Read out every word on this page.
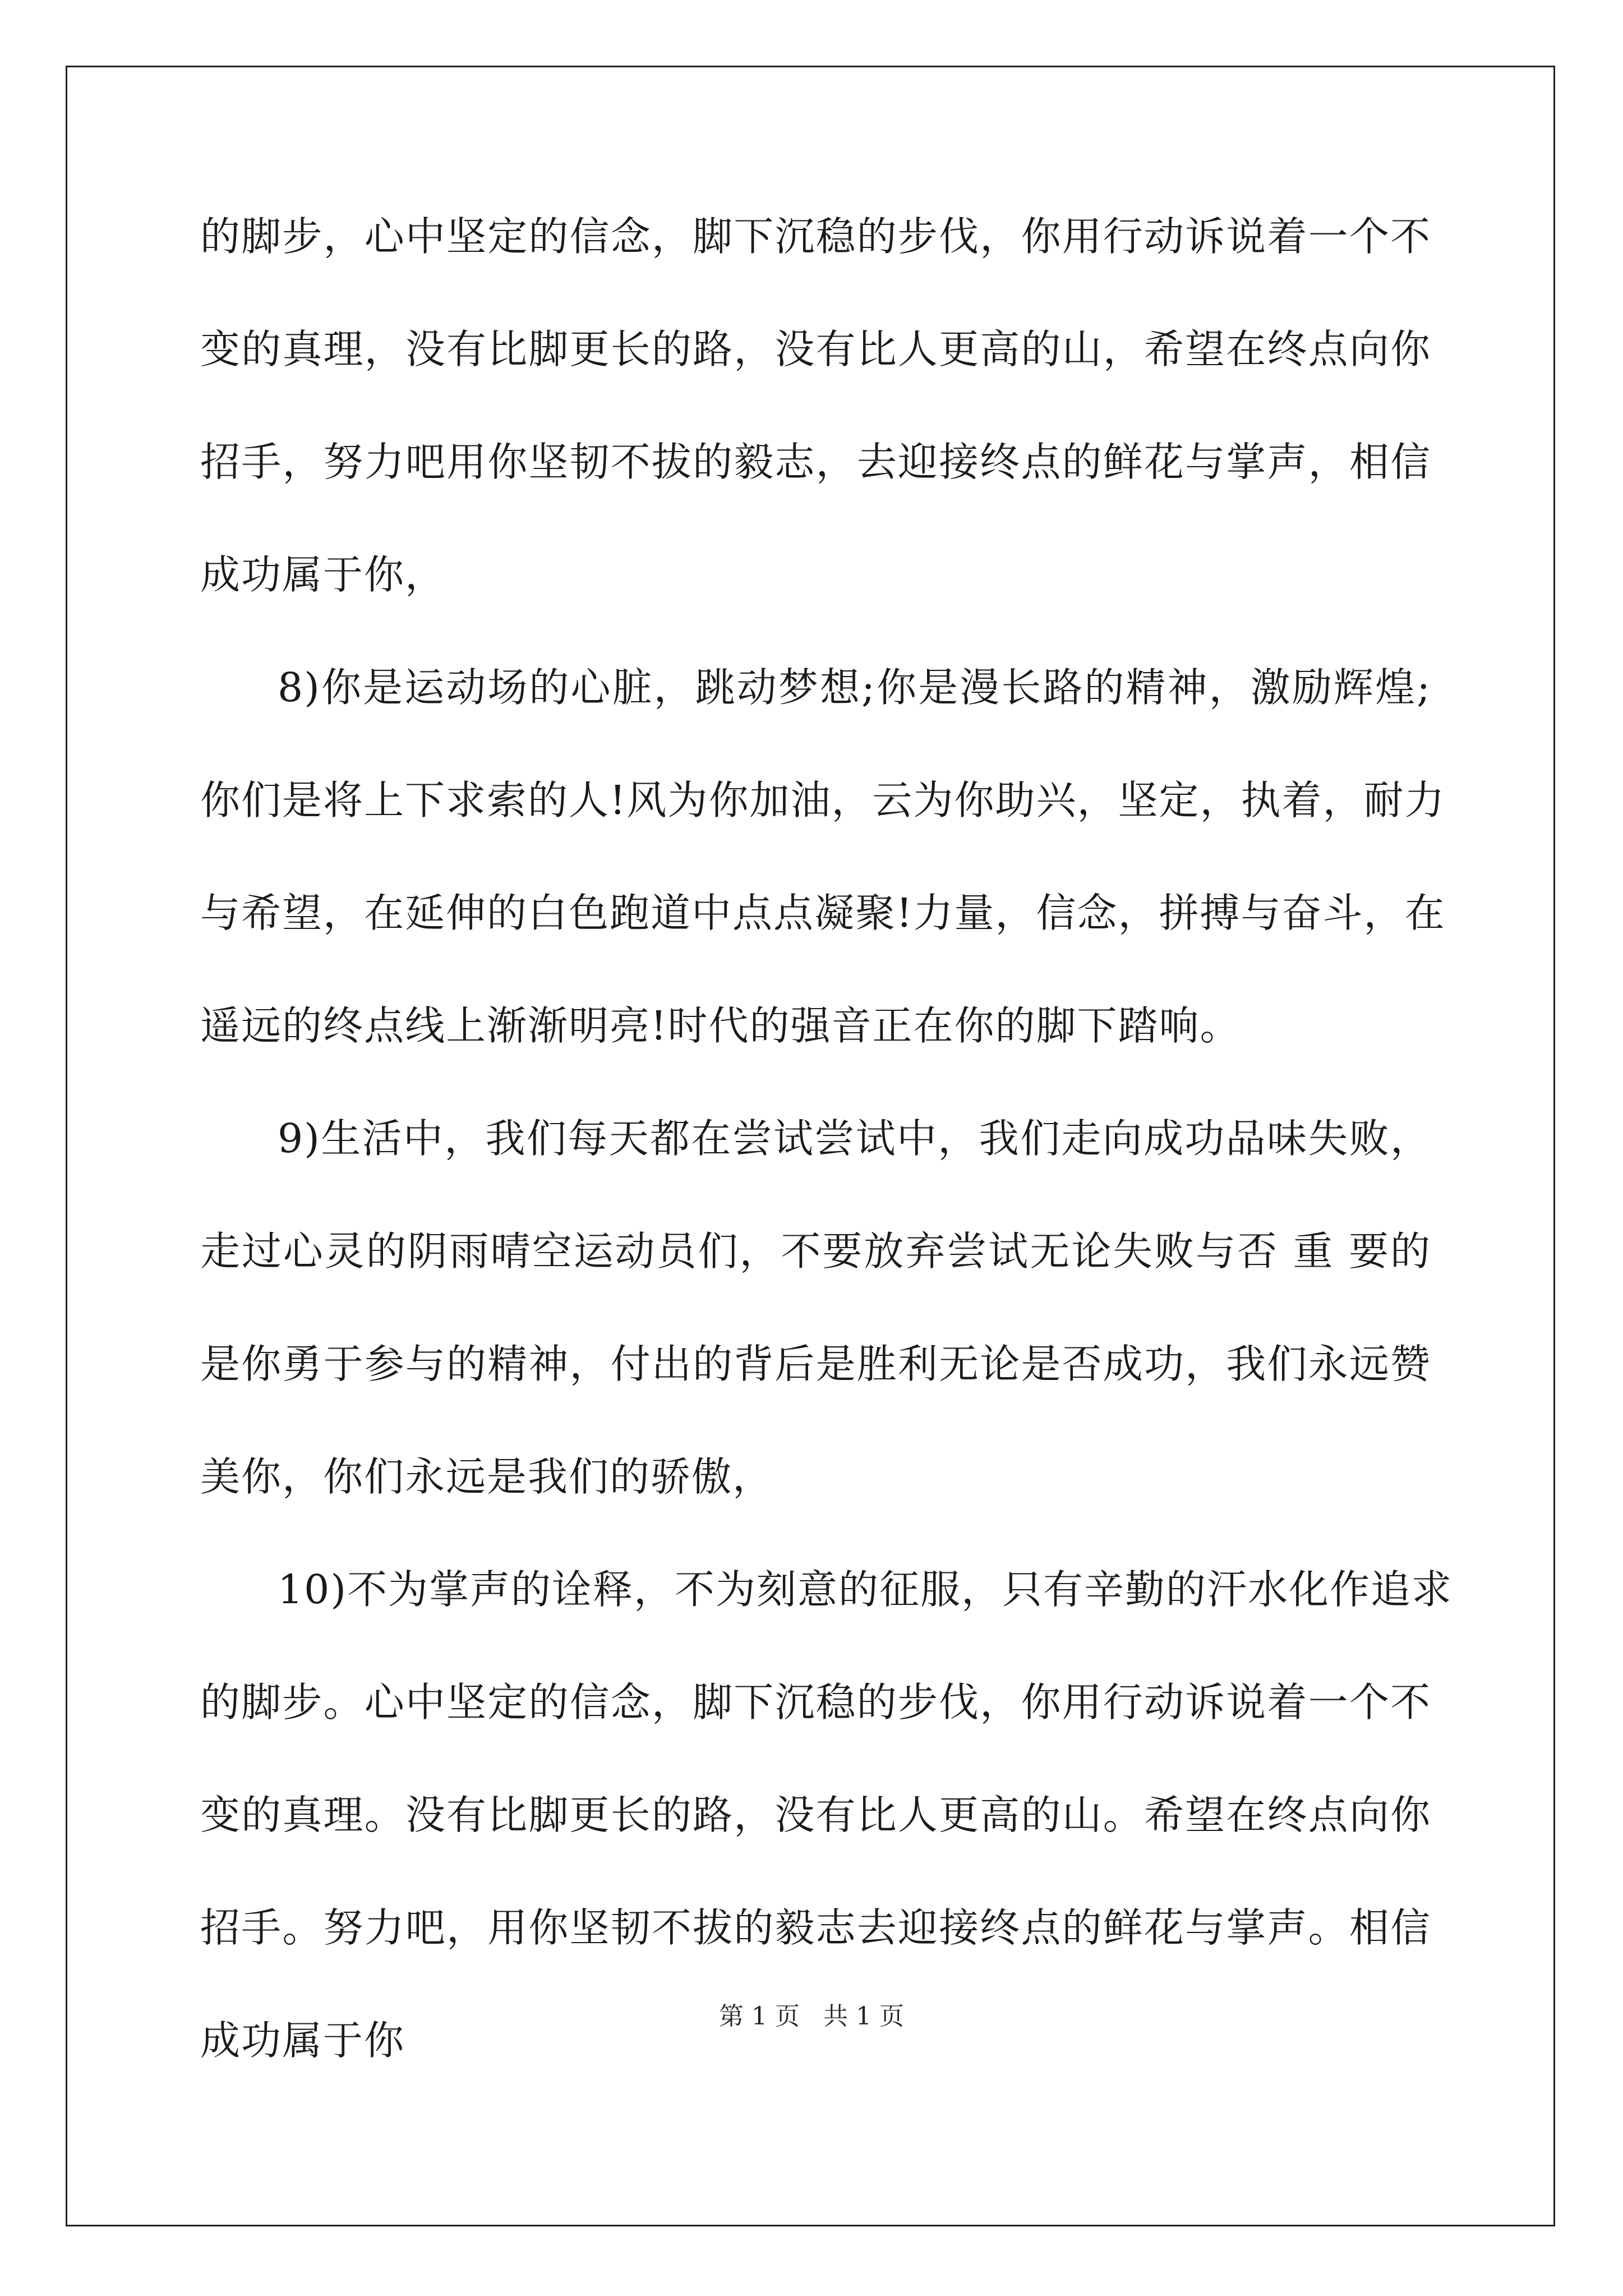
的脚步，心中坚定的信念，脚下沉稳的步伐，你用行动诉说着一个不
变的真理，没有比脚更长的路，没有比人更高的山，希望在终点向你
招手，努力吧用你坚韧不拔的毅志，去迎接终点的鲜花与掌声，相信
成功属于你，
8)你是运动场的心脏，跳动梦想;你是漫长路的精神，激励辉煌;
你们是将上下求索的人!风为你加油，云为你助兴，坚定，执着，耐力
与希望，在延伸的白色跑道中点点凝聚!力量，信念，拼搏与奋斗，在
遥远的终点线上渐渐明亮!时代的强音正在你的脚下踏响。
9)生活中，我们每天都在尝试尝试中，我们走向成功品味失败，
走过心灵的阴雨晴空运动员们，不要放弃尝试无论失败与否 重 要的
是你勇于参与的精神，付出的背后是胜利无论是否成功，我们永远赞
美你，你们永远是我们的骄傲，
10)不为掌声的诠释，不为刻意的征服，只有辛勤的汗水化作追求
的脚步。心中坚定的信念，脚下沉稳的步伐，你用行动诉说着一个不
变的真理。没有比脚更长的路，没有比人更高的山。希望在终点向你
招手。努力吧，用你坚韧不拔的毅志去迎接终点的鲜花与掌声。相信
成功属于你
第 1 页   共 1 页
